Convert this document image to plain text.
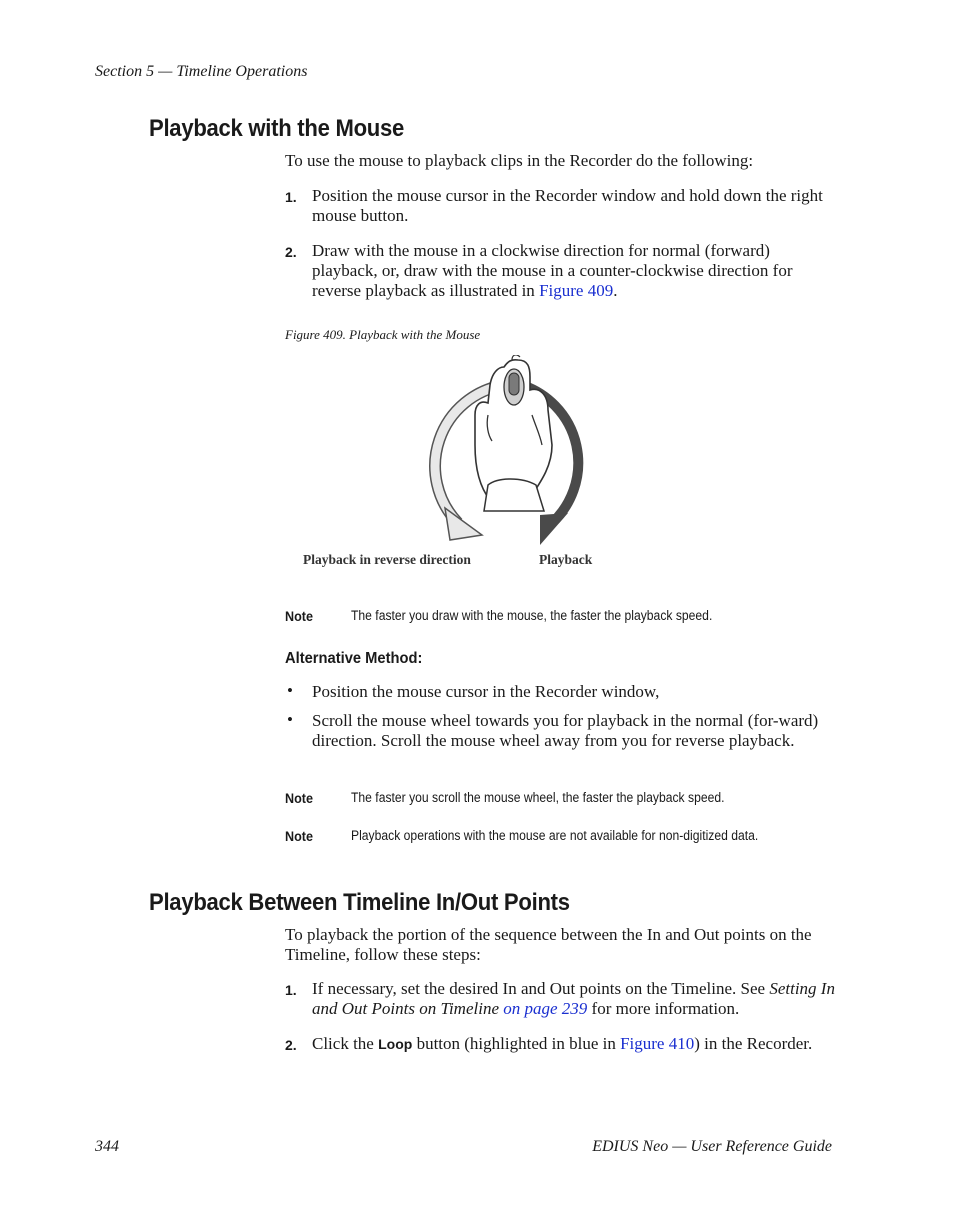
Section 5 — Timeline Operations
Playback with the Mouse
To use the mouse to playback clips in the Recorder do the following:
1. Position the mouse cursor in the Recorder window and hold down the right mouse button.
2. Draw with the mouse in a clockwise direction for normal (forward) playback, or, draw with the mouse in a counter-clockwise direction for reverse playback as illustrated in Figure 409.
Figure 409. Playback with the Mouse
Playback in reverse direction	Playback
Note	The faster you draw with the mouse, the faster the playback speed.
Alternative Method:
• Position the mouse cursor in the Recorder window,
• Scroll the mouse wheel towards you for playback in the normal (for-ward) direction. Scroll the mouse wheel away from you for reverse playback.
Note	The faster you scroll the mouse wheel, the faster the playback speed.
Note	Playback operations with the mouse are not available for non-digitized data.
Playback Between Timeline In/Out Points
To playback the portion of the sequence between the In and Out points on the Timeline, follow these steps:
1. If necessary, set the desired In and Out points on the Timeline. See Setting In and Out Points on Timeline on page 239 for more information.
2. Click the Loop button (highlighted in blue in Figure 410) in the Recorder.
344	EDIUS Neo — User Reference Guide
